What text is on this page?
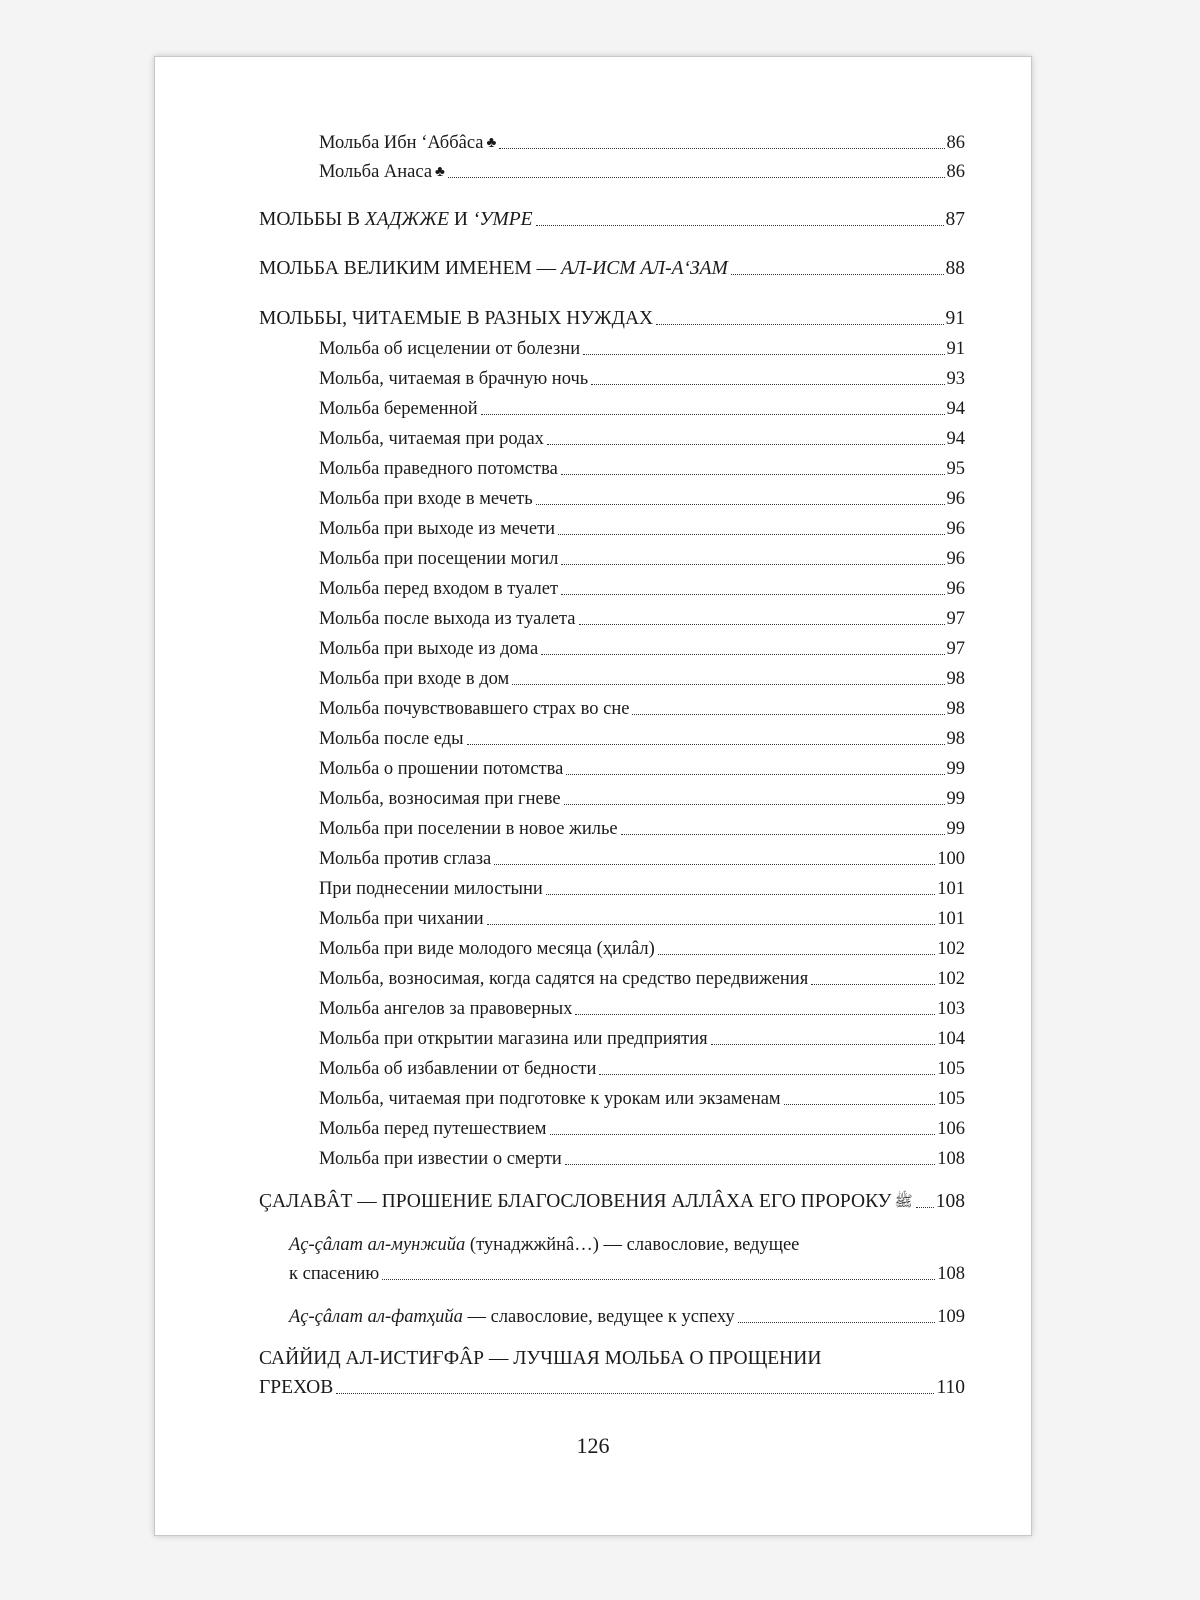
Мольба Ибн ʻАббâса ♣	86
Мольба Анаса ♣	86
МОЛЬБЫ В ХАДЖЖЕ И ʻУМРЕ	87
МОЛЬБА ВЕЛИКИМ ИМЕНЕМ — АЛ-ИСМ АЛ-АʻЗАМ	88
МОЛЬБЫ, ЧИТАЕМЫЕ В РАЗНЫХ НУЖДАХ	91
Мольба об исцелении от болезни	91
Мольба, читаемая в брачную ночь	93
Мольба беременной	94
Мольба, читаемая при родах	94
Мольба праведного потомства	95
Мольба при входе в мечеть	96
Мольба при выходе из мечети	96
Мольба при посещении могил	96
Мольба перед входом в туалет	96
Мольба после выхода из туалета	97
Мольба при выходе из дома	97
Мольба при входе в дом	98
Мольба почувствовавшего страх во сне	98
Мольба после еды	98
Мольба о прошении потомства	99
Мольба, возносимая при гневе	99
Мольба при поселении в новое жилье	99
Мольба против сглаза	100
При поднесении милостыни	101
Мольба при чихании	101
Мольба при виде молодого месяца (ҳилâл)	102
Мольба, возносимая, когда садятся на средство передвижения	102
Мольба ангелов за правоверных	103
Мольба при открытии магазина или предприятия	104
Мольба об избавлении от бедности	105
Мольба, читаемая при подготовке к урокам или экзаменам	105
Мольба перед путешествием	106
Мольба при известии о смерти	108
ÇАЛАВÂТ — ПРОШЕНИЕ БЛАГОСЛОВЕНИЯ АЛЛÂХА ЕГО ПРОРОКУ ﷺ 108
Аç-çâлат ал-мунжийа (тунаджжйнâ…) — славословие, ведущее
к спасению	108
Аç-çâлат ал-фатҳийа — славословие, ведущее к успеху	109
САЙЙИД АЛ-ИСТИҒФÂР — ЛУЧШАЯ МОЛЬБА О ПРОЩЕНИИ
ГРЕХОВ	110
126
